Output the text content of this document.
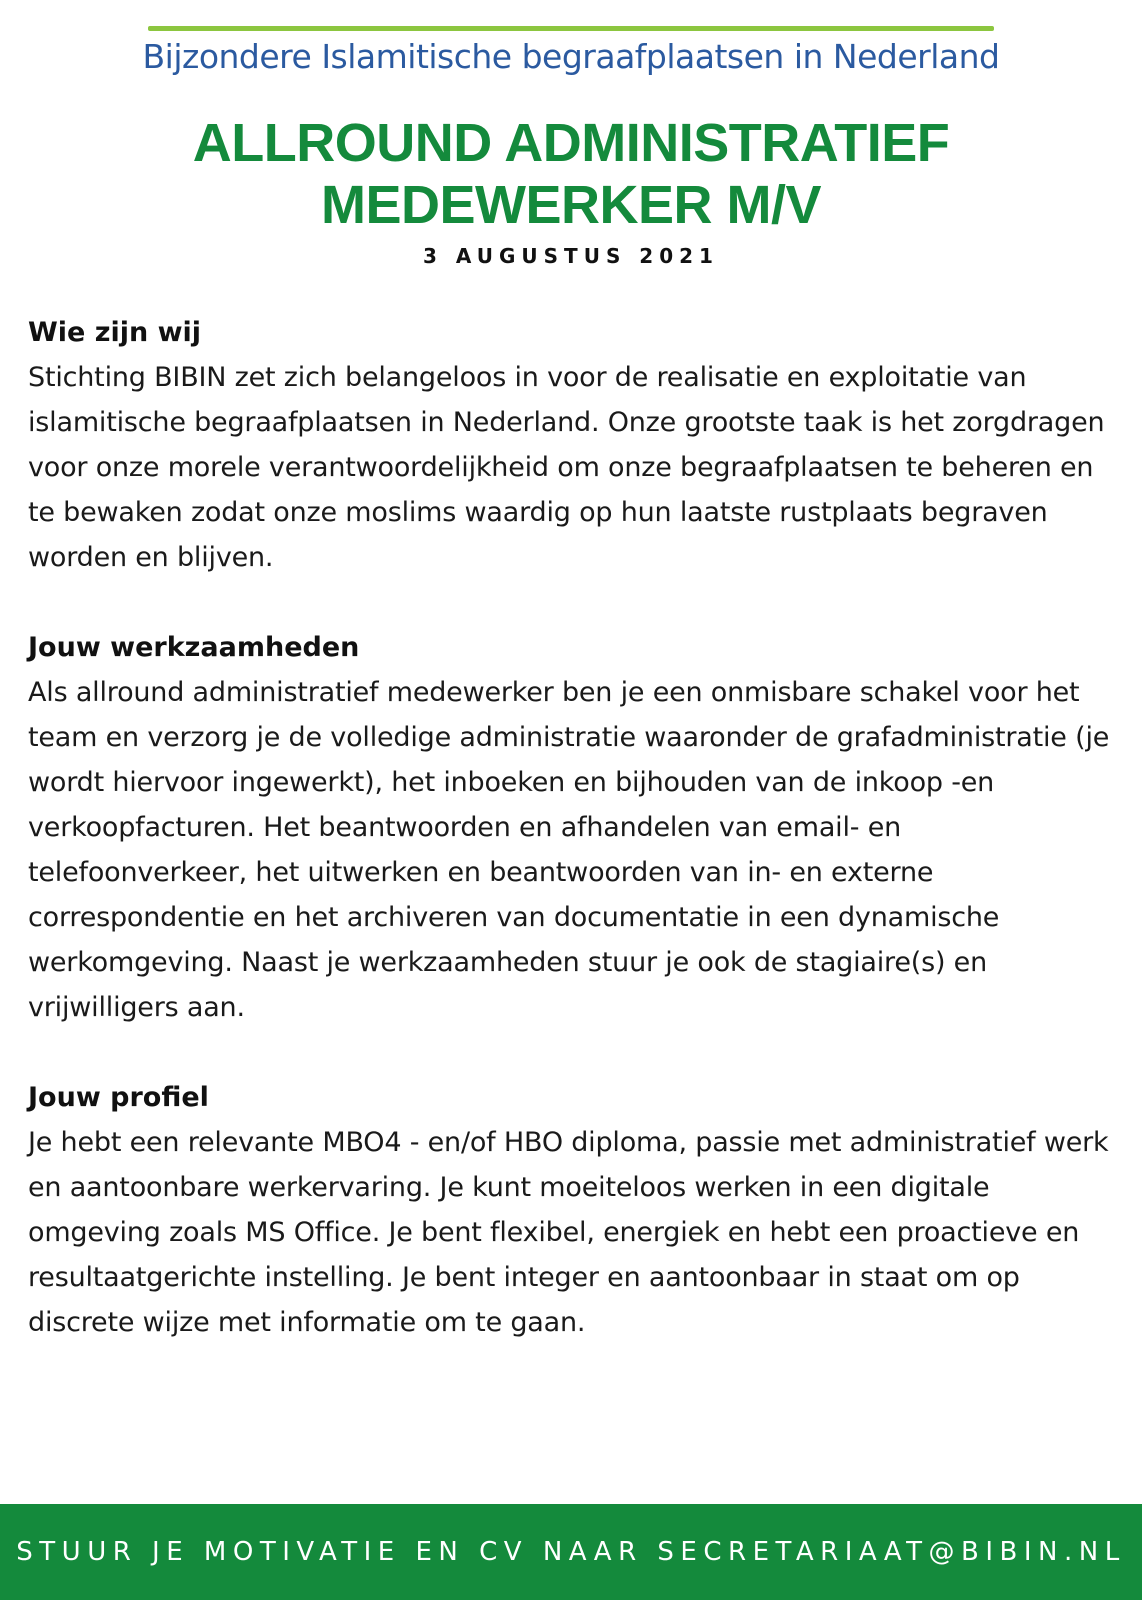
Bijzondere Islamitische begraafplaatsen in Nederland
ALLROUND ADMINISTRATIEF
MEDEWERKER M/V
3 AUGUSTUS 2021
Wie zijn wij

Stichting BIBIN zet zich belangeloos in voor de realisatie en exploitatie van islamitische begraafplaatsen in Nederland. Onze grootste taak is het zorgdragen voor onze morele verantwoordelijkheid om onze begraafplaatsen te beheren en te bewaken zodat onze moslims waardig op hun laatste rustplaats begraven worden en blijven.

Jouw werkzaamheden

Als allround administratief medewerker ben je een onmisbare schakel voor het team en verzorg je de volledige administratie waaronder de grafadministratie (je wordt hiervoor ingewerkt), het inboeken en bijhouden van de inkoop -en verkoopfacturen. Het beantwoorden en afhandelen van email- en telefoonverkeer, het uitwerken en beantwoorden van in- en externe correspondentie en het archiveren van documentatie in een dynamische werkomgeving. Naast je werkzaamheden stuur je ook de stagiaire(s) en vrijwilligers aan.

Jouw profiel

Je hebt een relevante MBO4 - en/of HBO diploma, passie met administratief werk en aantoonbare werkervaring. Je kunt moeiteloos werken in een digitale omgeving zoals MS Office. Je bent flexibel, energiek en hebt een proactieve en resultaatgerichte instelling. Je bent integer en aantoonbaar in staat om op discrete wijze met informatie om te gaan.

STUUR JE MOTIVATIE EN CV NAAR SECRETARIAAT@BIBIN.NL
